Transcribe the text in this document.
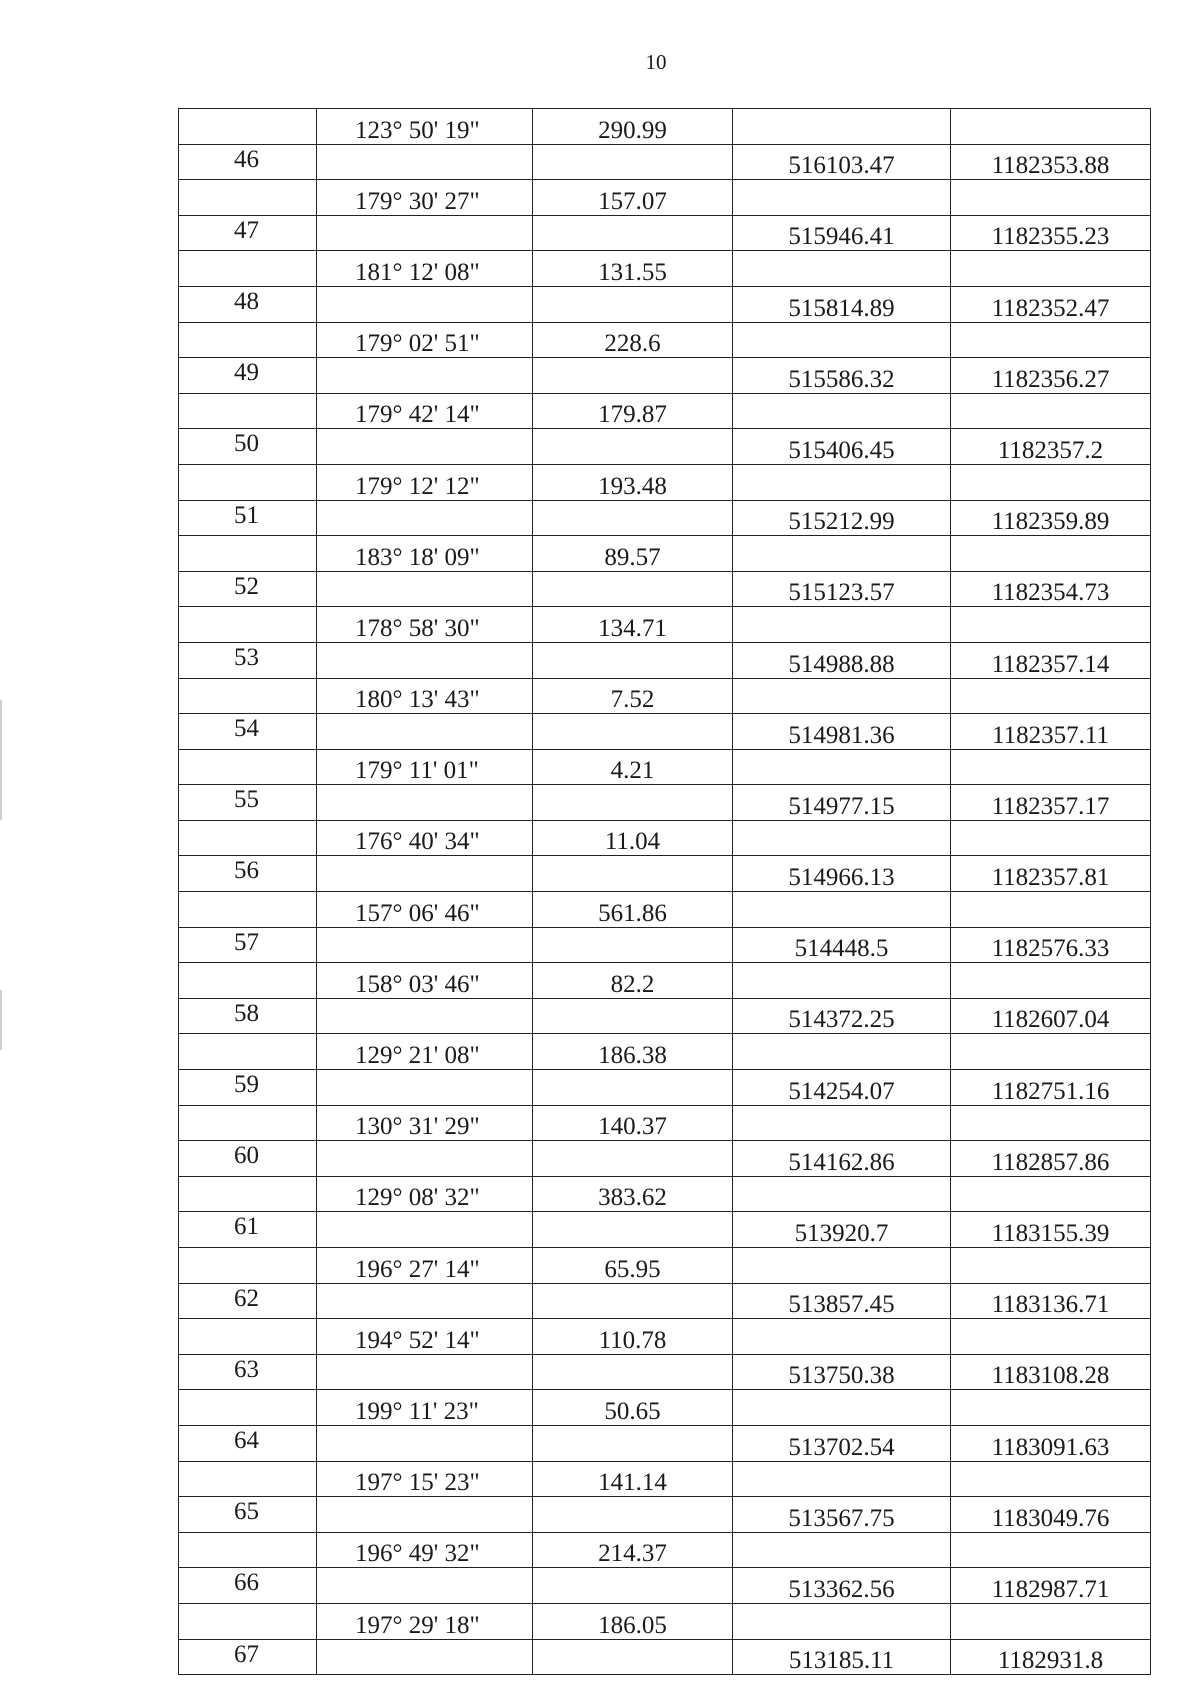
10
	123° 50' 19"	290.99		
46			516103.47	1182353.88
	179° 30' 27"	157.07		
47			515946.41	1182355.23
	181° 12' 08"	131.55		
48			515814.89	1182352.47
	179° 02' 51"	228.6		
49			515586.32	1182356.27
	179° 42' 14"	179.87		
50			515406.45	1182357.2
	179° 12' 12"	193.48		
51			515212.99	1182359.89
	183° 18' 09"	89.57		
52			515123.57	1182354.73
	178° 58' 30"	134.71		
53			514988.88	1182357.14
	180° 13' 43"	7.52		
54			514981.36	1182357.11
	179° 11' 01"	4.21		
55			514977.15	1182357.17
	176° 40' 34"	11.04		
56			514966.13	1182357.81
	157° 06' 46"	561.86		
57			514448.5	1182576.33
	158° 03' 46"	82.2		
58			514372.25	1182607.04
	129° 21' 08"	186.38		
59			514254.07	1182751.16
	130° 31' 29"	140.37		
60			514162.86	1182857.86
	129° 08' 32"	383.62		
61			513920.7	1183155.39
	196° 27' 14"	65.95		
62			513857.45	1183136.71
	194° 52' 14"	110.78		
63			513750.38	1183108.28
	199° 11' 23"	50.65		
64			513702.54	1183091.63
	197° 15' 23"	141.14		
65			513567.75	1183049.76
	196° 49' 32"	214.37		
66			513362.56	1182987.71
	197° 29' 18"	186.05		
67			513185.11	1182931.8
